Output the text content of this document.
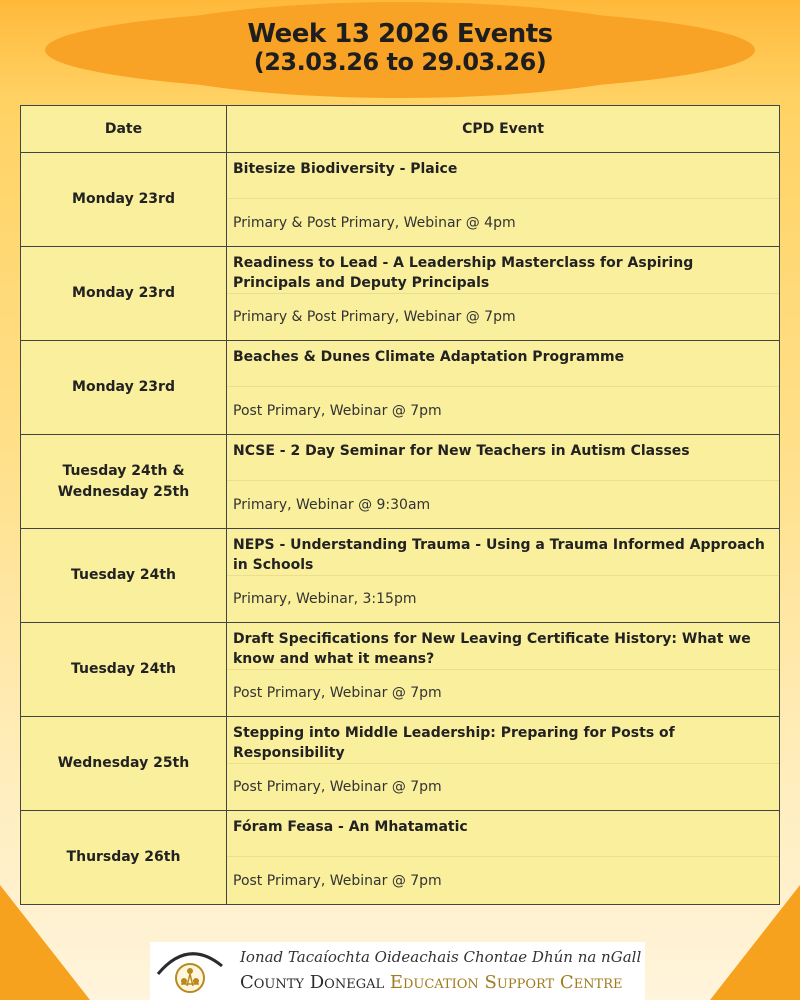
Week 13 2026 Events
(23.03.26 to 29.03.26)
Date	CPD Event
Monday 23rd	Bitesize Biodiversity - Plaice
Primary & Post Primary, Webinar @ 4pm

Monday 23rd	Readiness to Lead - A Leadership Masterclass for Aspiring Principals and Deputy Principals
Primary & Post Primary, Webinar @ 7pm

Monday 23rd	Beaches & Dunes Climate Adaptation Programme
Post Primary, Webinar @ 7pm

Tuesday 24th & Wednesday 25th	NCSE - 2 Day Seminar for New Teachers in Autism Classes
Primary, Webinar @ 9:30am

Tuesday 24th	NEPS - Understanding Trauma - Using a Trauma Informed Approach in Schools
Primary, Webinar, 3:15pm

Tuesday 24th	Draft Specifications for New Leaving Certificate History: What we know and what it means?
Post Primary, Webinar @ 7pm

Wednesday 25th	Stepping into Middle Leadership: Preparing for Posts of Responsibility
Post Primary, Webinar @ 7pm

Thursday 26th	Fóram Feasa - An Mhatamatic
Post Primary, Webinar @ 7pm
Ionad Tacaíochta Oideachais Chontae Dhún na nGall
County Donegal Education Support Centre
